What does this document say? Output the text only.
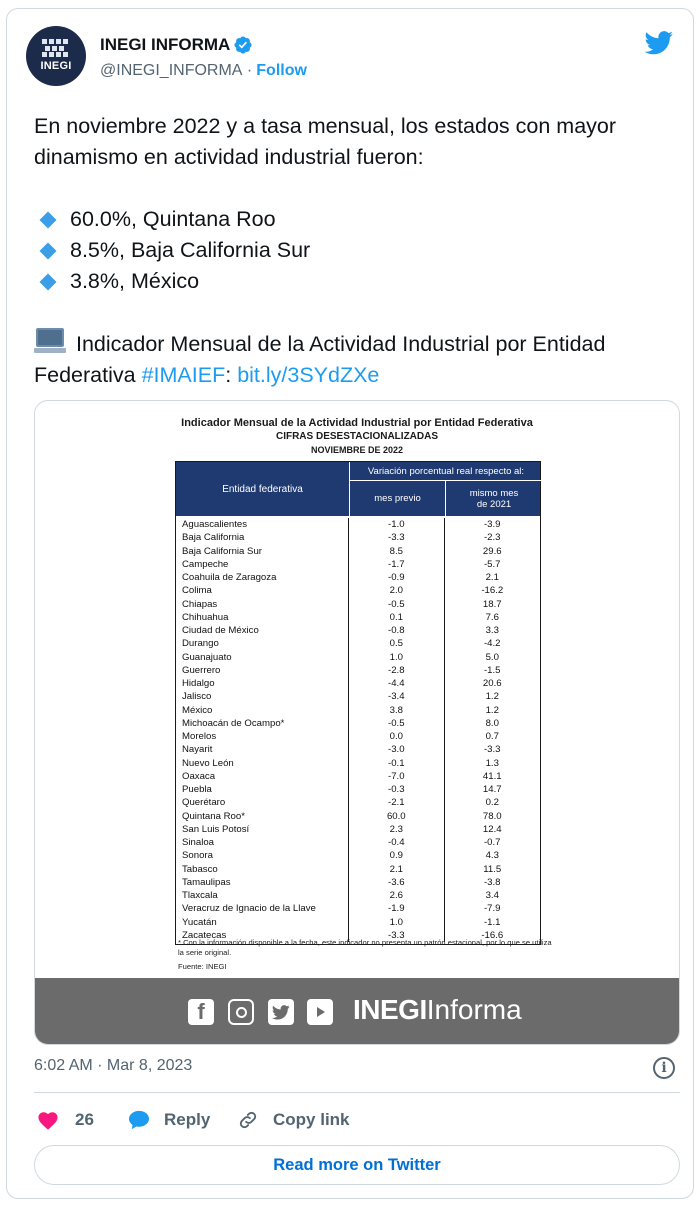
INEGI
INEGI INFORMA
@INEGI_INFORMA · Follow
En noviembre 2022 y a tasa mensual, los estados con mayor dinamismo en actividad industrial fueron:
60.0%, Quintana Roo
8.5%, Baja California Sur
3.8%, México
Indicador Mensual de la Actividad Industrial por Entidad Federativa #IMAIEF: bit.ly/3SYdZXe
Indicador Mensual de la Actividad Industrial por Entidad Federativa
CIFRAS DESESTACIONALIZADAS
NOVIEMBRE DE 2022
Entidad federativa
Variación porcentual real respecto al:
mes previo	mismo mes
de 2021
Aguascalientes	-1.0	-3.9
Baja California	-3.3	-2.3
Baja California Sur	8.5	29.6
Campeche	-1.7	-5.7
Coahuila de Zaragoza	-0.9	2.1
Colima	2.0	-16.2
Chiapas	-0.5	18.7
Chihuahua	0.1	7.6
Ciudad de México	-0.8	3.3
Durango	0.5	-4.2
Guanajuato	1.0	5.0
Guerrero	-2.8	-1.5
Hidalgo	-4.4	20.6
Jalisco	-3.4	1.2
México	3.8	1.2
Michoacán de Ocampo*	-0.5	8.0
Morelos	0.0	0.7
Nayarit	-3.0	-3.3
Nuevo León	-0.1	1.3
Oaxaca	-7.0	41.1
Puebla	-0.3	14.7
Querétaro	-2.1	0.2
Quintana Roo*	60.0	78.0
San Luis Potosí	2.3	12.4
Sinaloa	-0.4	-0.7
Sonora	0.9	4.3
Tabasco	2.1	11.5
Tamaulipas	-3.6	-3.8
Tlaxcala	2.6	3.4
Veracruz de Ignacio de la Llave	-1.9	-7.9
Yucatán	1.0	-1.1
Zacatecas	-3.3	-16.6
* Con la información disponible a la fecha, este indicador no presenta un patrón estacional, por lo que se utiliza la serie original.
Fuente: INEGI
f	INEGI Informa
6:02 AM · Mar 8, 2023	i
26	Reply	Copy link
Read more on Twitter
